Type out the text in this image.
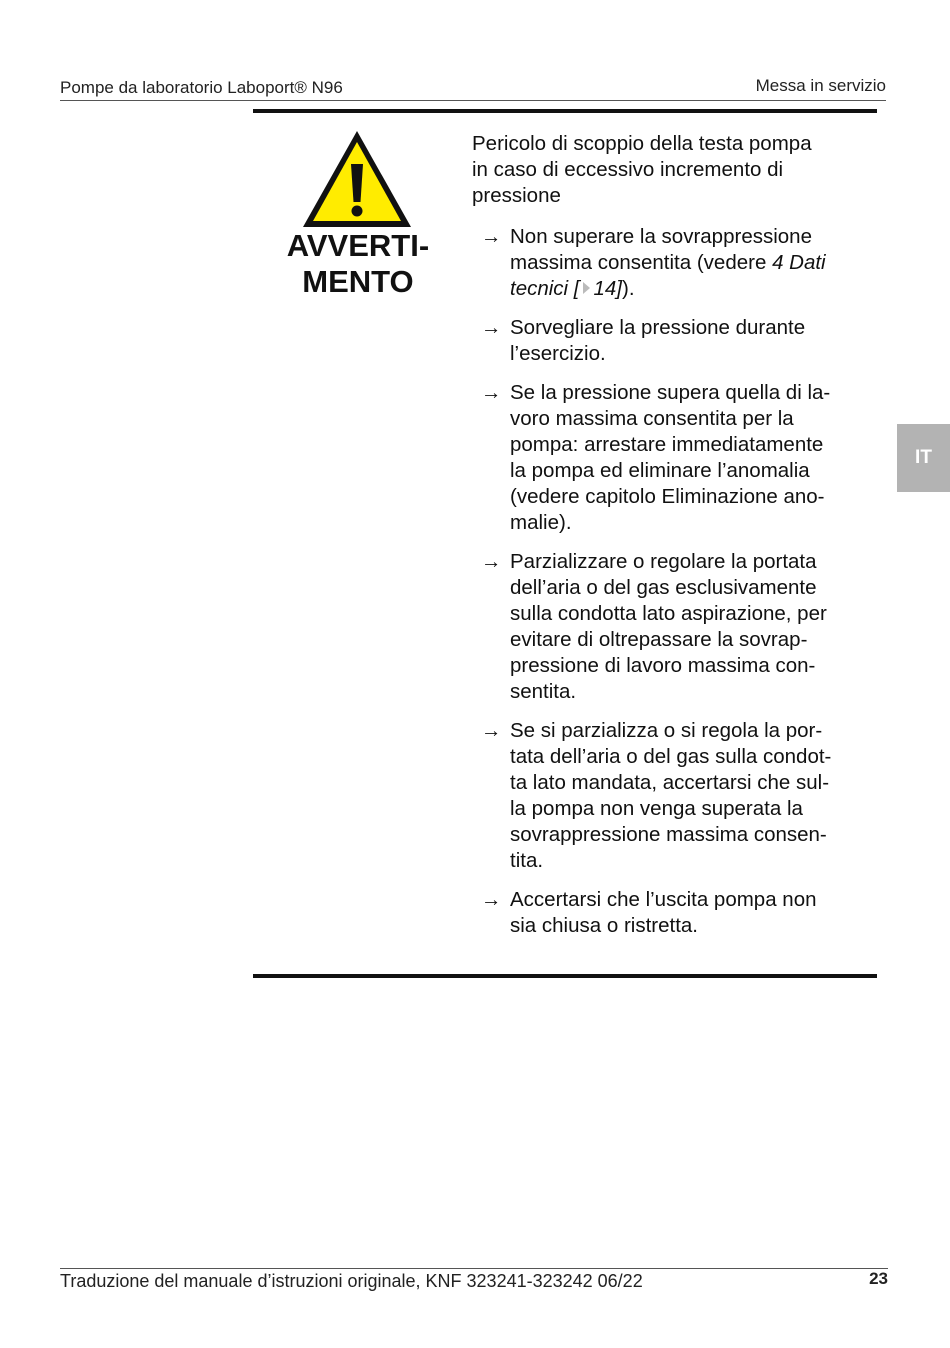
Pompe da laboratorio Laboport® N96	Messa in servizio
AVVERTI-
MENTO
Pericolo di scoppio della testa pompa
in caso di eccessivo incremento di
pressione
→ Non superare la sovrappressione
massima consentita (vedere 4 Dati
tecnici [ 14]).
→ Sorvegliare la pressione durante
l’esercizio.
→ Se la pressione supera quella di la-
voro massima consentita per la
pompa: arrestare immediatamente
la pompa ed eliminare l’anomalia
(vedere capitolo Eliminazione ano-
malie).
→ Parzializzare o regolare la portata
dell’aria o del gas esclusivamente
sulla condotta lato aspirazione, per
evitare di oltrepassare la sovrap-
pressione di lavoro massima con-
sentita.
→ Se si parzializza o si regola la por-
tata dell’aria o del gas sulla condot-
ta lato mandata, accertarsi che sul-
la pompa non venga superata la
sovrappressione massima consen-
tita.
→ Accertarsi che l’uscita pompa non
sia chiusa o ristretta.
IT
Traduzione del manuale d’istruzioni originale, KNF 323241-323242 06/22	23
